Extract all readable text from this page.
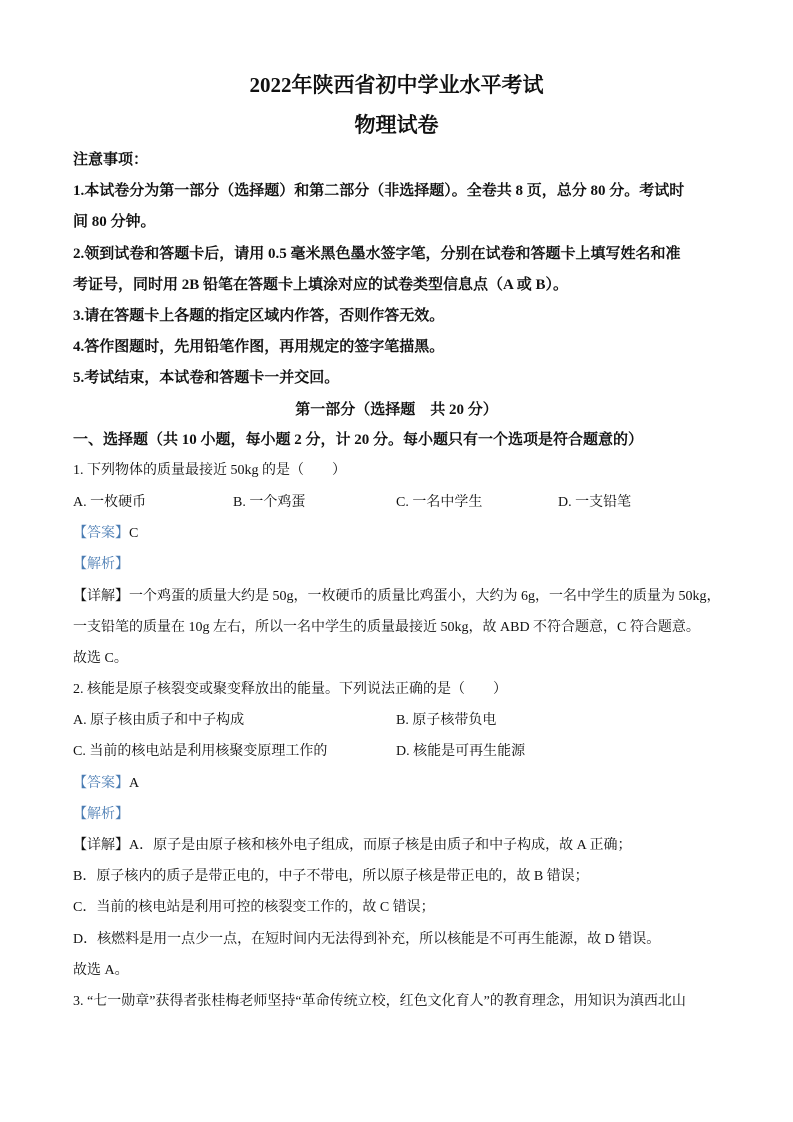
2022年陕西省初中学业水平考试
物理试卷
注意事项：
1.本试卷分为第一部分（选择题）和第二部分（非选择题）。全卷共 8 页，总分 80 分。考试时
间 80 分钟。
2.领到试卷和答题卡后，请用 0.5 毫米黑色墨水签字笔，分别在试卷和答题卡上填写姓名和准
考证号，同时用 2B 铅笔在答题卡上填涂对应的试卷类型信息点（A 或 B）。
3.请在答题卡上各题的指定区域内作答，否则作答无效。
4.答作图题时，先用铅笔作图，再用规定的签字笔描黑。
5.考试结束，本试卷和答题卡一并交回。
第一部分（选择题　共 20 分）
一、选择题（共 10 小题，每小题 2 分，计 20 分。每小题只有一个选项是符合题意的）
1. 下列物体的质量最接近 50kg 的是（　　）
A. 一枚硬币	B. 一个鸡蛋	C. 一名中学生	D. 一支铅笔
【答案】C
【解析】
【详解】一个鸡蛋的质量大约是 50g，一枚硬币的质量比鸡蛋小，大约为 6g，一名中学生的质量为 50kg，
一支铅笔的质量在 10g 左右，所以一名中学生的质量最接近 50kg，故 ABD 不符合题意，C 符合题意。
故选 C。
2. 核能是原子核裂变或聚变释放出的能量。下列说法正确的是（　　）
A. 原子核由质子和中子构成	B. 原子核带负电
C. 当前的核电站是利用核聚变原理工作的	D. 核能是可再生能源
【答案】A
【解析】
【详解】A．原子是由原子核和核外电子组成，而原子核是由质子和中子构成，故 A 正确；
B．原子核内的质子是带正电的，中子不带电，所以原子核是带正电的，故 B 错误；
C．当前的核电站是利用可控的核裂变工作的，故 C 错误；
D．核燃料是用一点少一点，在短时间内无法得到补充，所以核能是不可再生能源，故 D 错误。
故选 A。
3. “七一勋章”获得者张桂梅老师坚持“革命传统立校，红色文化育人”的教育理念，用知识为滇西北山
